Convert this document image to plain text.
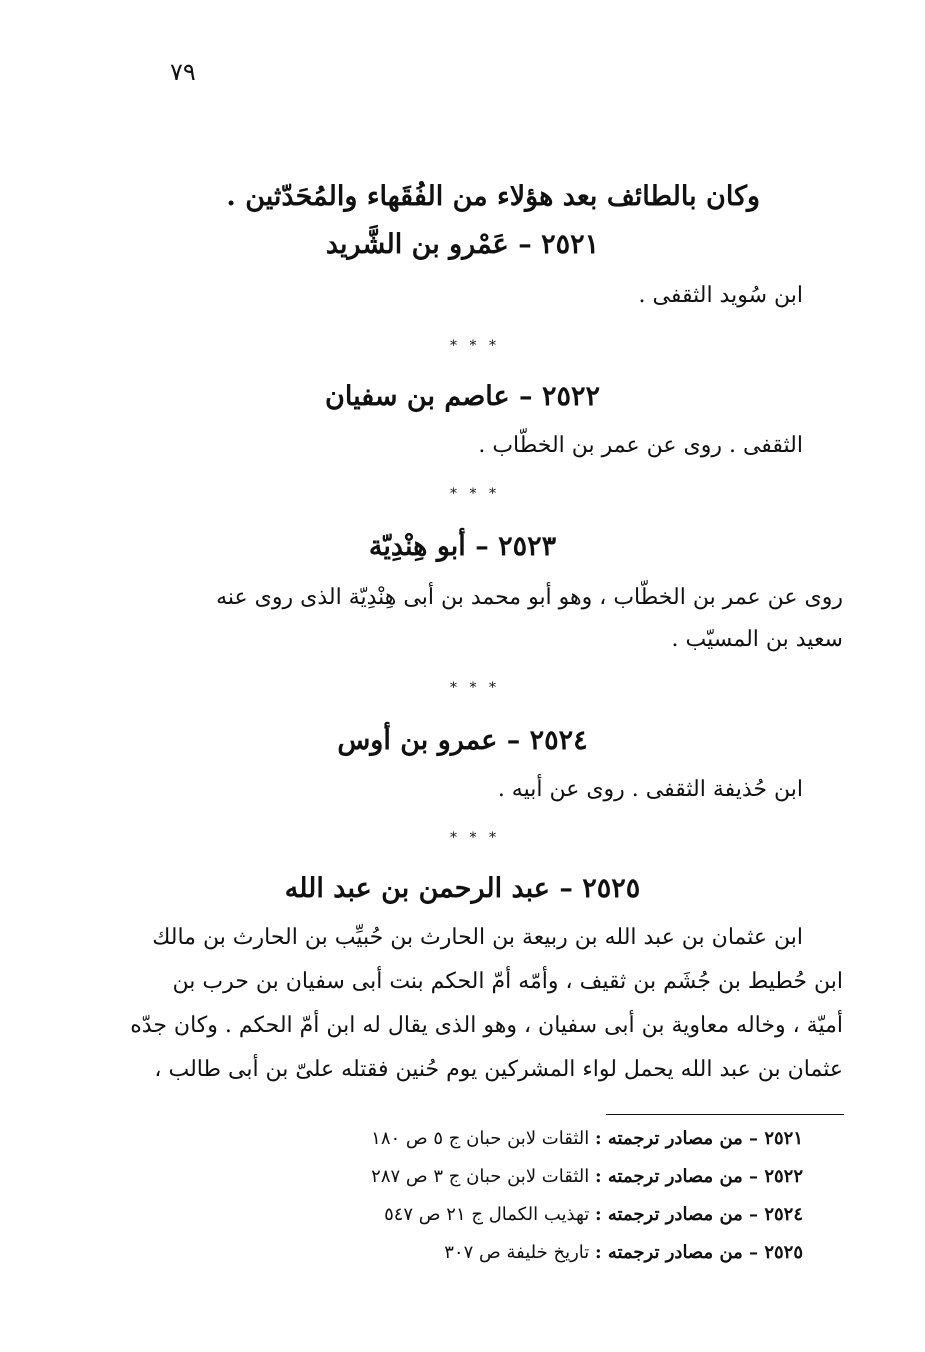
٧٩
وكان بالطائف بعد هؤلاء من الفُقَهاء والمُحَدّثين .
٢٥٢١ – عَمْرو بن الشَّريد
ابن سُويد الثقفى .
* * *
٢٥٢٢ – عاصم بن سفيان
الثقفى . روى عن عمر بن الخطّاب .
* * *
٢٥٢٣ – أبو هِنْدِيّة
روى عن عمر بن الخطّاب ، وهو أبو محمد بن أبى هِنْدِيّة الذى روى عنه
سعيد بن المسيّب .
* * *
٢٥٢٤ – عمرو بن أوس
ابن حُذيفة الثقفى . روى عن أبيه .
* * *
٢٥٢٥ – عبد الرحمن بن عبد الله
ابن عثمان بن عبد الله بن ربيعة بن الحارث بن حُبيِّب بن الحارث بن مالك
ابن حُطيط بن جُشَم بن ثقيف ، وأمّه أمّ الحكم بنت أبى سفيان بن حرب بن
أميّة ، وخاله معاوية بن أبى سفيان ، وهو الذى يقال له ابن أمّ الحكم . وكان جدّه
عثمان بن عبد الله يحمل لواء المشركين يوم حُنين فقتله علىّ بن أبى طالب ،
٢٥٢١ – من مصادر ترجمته : الثقات لابن حبان ج ٥ ص ١٨٠
٢٥٢٢ – من مصادر ترجمته : الثقات لابن حبان ج ٣ ص ٢٨٧
٢٥٢٤ – من مصادر ترجمته : تهذيب الكمال ج ٢١ ص ٥٤٧
٢٥٢٥ – من مصادر ترجمته : تاريخ خليفة ص ٣٠٧
